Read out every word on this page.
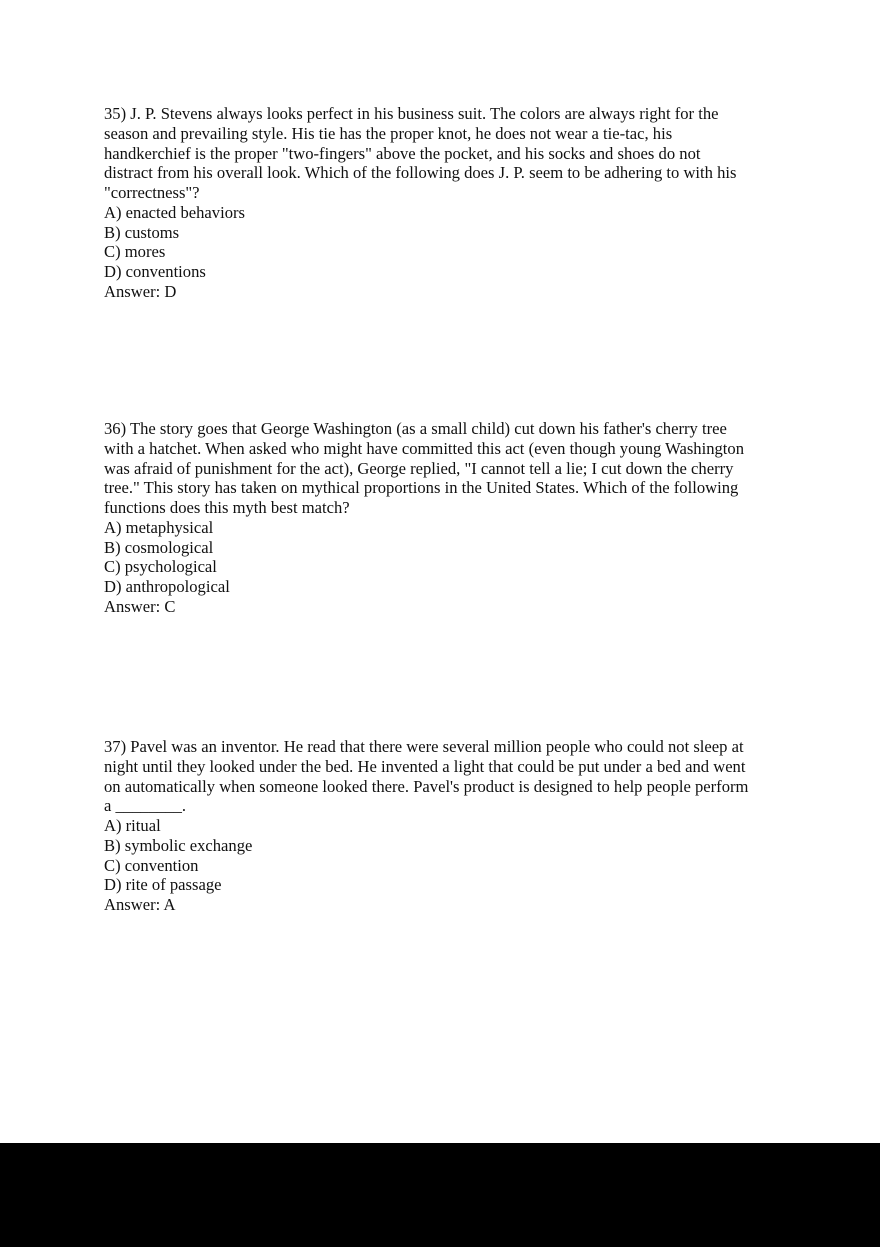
35) J. P. Stevens always looks perfect in his business suit. The colors are always right for the
season and prevailing style. His tie has the proper knot, he does not wear a tie-tac, his
handkerchief is the proper "two-fingers" above the pocket, and his socks and shoes do not
distract from his overall look. Which of the following does J. P. seem to be adhering to with his
"correctness"?

A) enacted behaviors
B) customs
C) mores
D) conventions
Answer: D

36) The story goes that George Washington (as a small child) cut down his father's cherry tree
with a hatchet. When asked who might have committed this act (even though young Washington
was afraid of punishment for the act), George replied, "I cannot tell a lie; I cut down the cherry
tree." This story has taken on mythical proportions in the United States. Which of the following
functions does this myth best match?

A) metaphysical
B) cosmological
C) psychological
D) anthropological
Answer: C

37) Pavel was an inventor. He read that there were several million people who could not sleep at
night until they looked under the bed. He invented a light that could be put under a bed and went
on automatically when someone looked there. Pavel's product is designed to help people perform
a ________.

A) ritual
B) symbolic exchange
C) convention
D) rite of passage
Answer: A
